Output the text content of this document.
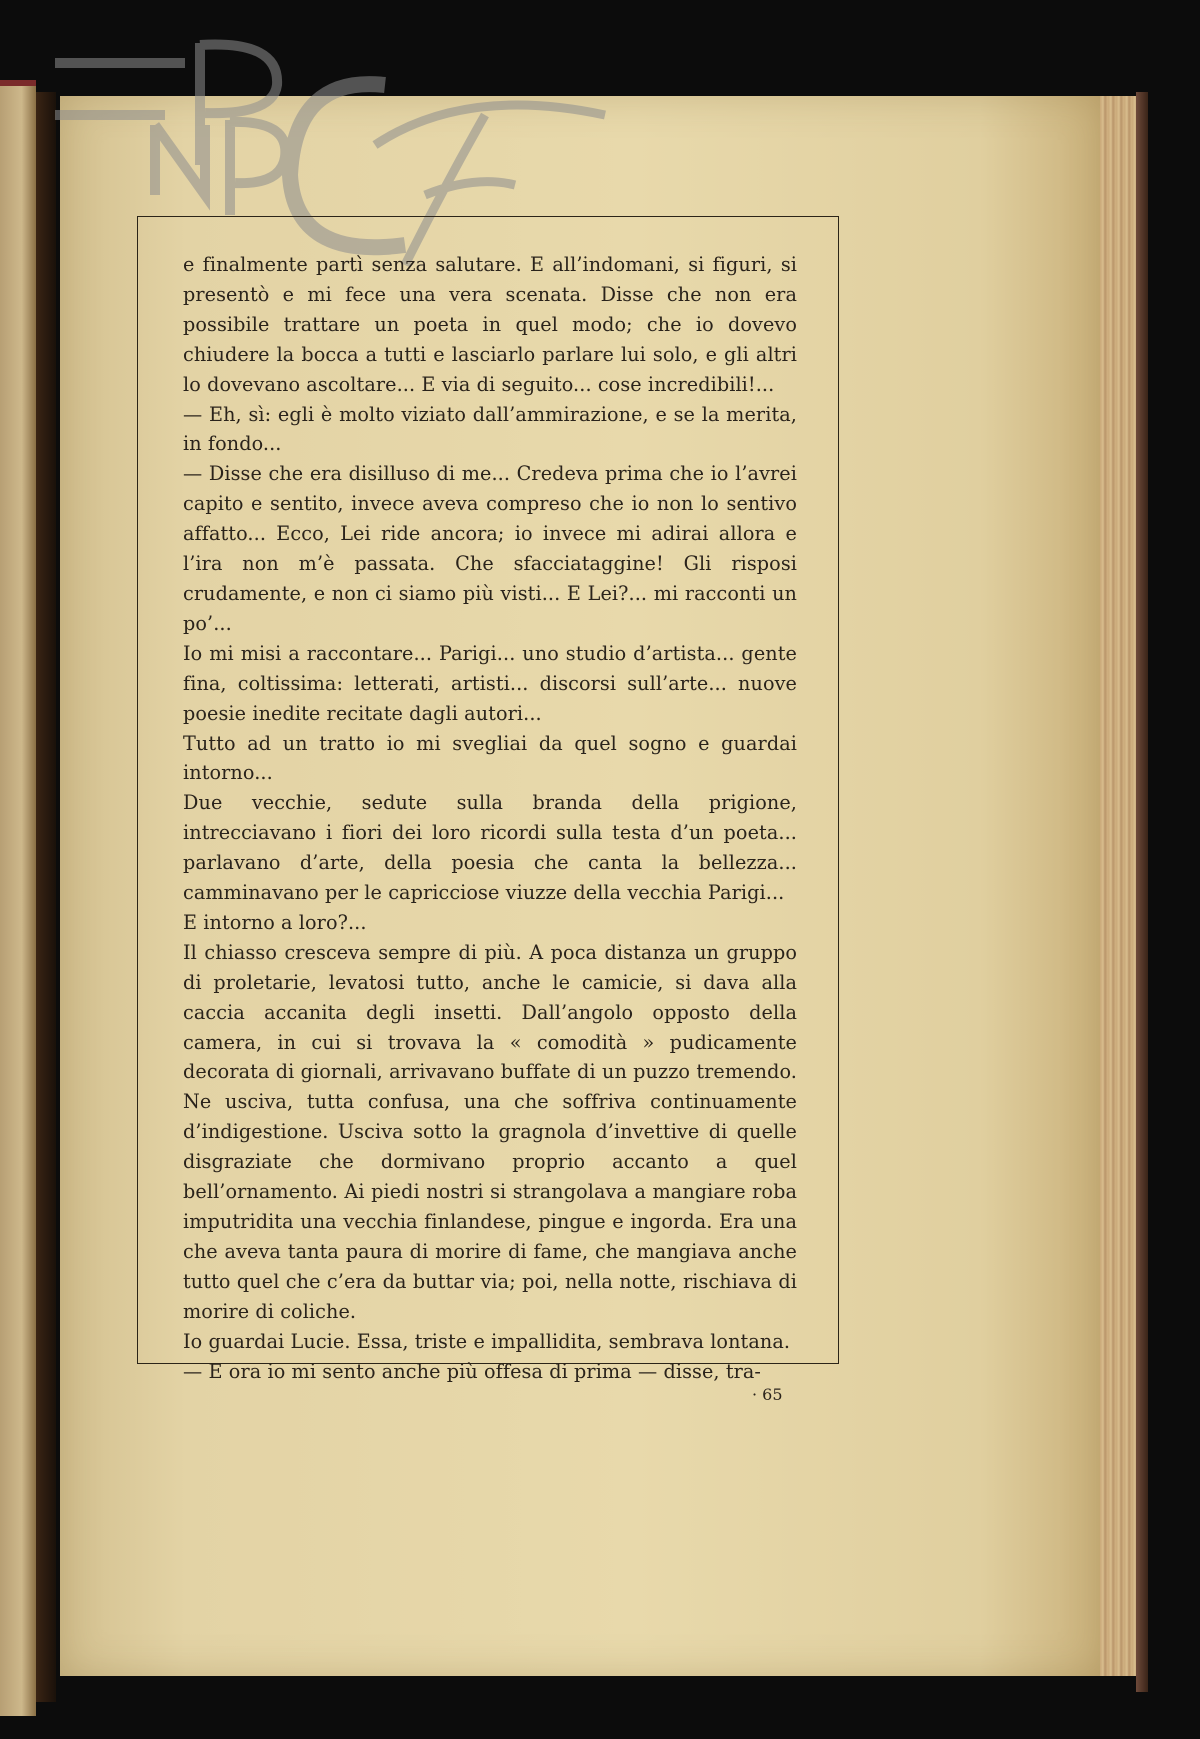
e finalmente partì senza salutare. E all’indomani, si figuri, si presentò e mi fece una vera scenata. Disse che non era possibile trattare un poeta in quel modo; che io dovevo chiudere la bocca a tutti e lasciarlo parlare lui solo, e gli altri lo dovevano ascoltare... E via di seguito... cose incredibili!...

— Eh, sì: egli è molto viziato dall’ammirazione, e se la merita, in fondo...

— Disse che era disilluso di me... Credeva prima che io l’avrei capito e sentito, invece aveva compreso che io non lo sentivo affatto... Ecco, Lei ride ancora; io invece mi adirai allora e l’ira non m’è passata. Che sfacciataggine! Gli risposi crudamente, e non ci siamo più visti... E Lei?... mi racconti un po’...

Io mi misi a raccontare... Parigi... uno studio d’artista... gente fina, coltissima: letterati, artisti... discorsi sull’arte... nuove poesie inedite recitate dagli autori...

Tutto ad un tratto io mi svegliai da quel sogno e guardai intorno...

Due vecchie, sedute sulla branda della prigione, intrecciavano i fiori dei loro ricordi sulla testa d’un poeta... parlavano d’arte, della poesia che canta la bellezza... camminavano per le capricciose viuzze della vecchia Parigi...

E intorno a loro?...

Il chiasso cresceva sempre di più. A poca distanza un gruppo di proletarie, levatosi tutto, anche le camicie, si dava alla caccia accanita degli insetti. Dall’angolo opposto della camera, in cui si trovava la « comodità » pudicamente decorata di giornali, arrivavano buffate di un puzzo tremendo. Ne usciva, tutta confusa, una che soffriva continuamente d’indigestione. Usciva sotto la gragnola d’invettive di quelle disgraziate che dormivano proprio accanto a quel bell’ornamento. Ai piedi nostri si strangolava a mangiare roba imputridita una vecchia finlandese, pingue e ingorda. Era una che aveva tanta paura di morire di fame, che mangiava anche tutto quel che c’era da buttar via; poi, nella notte, rischiava di morire di coliche.

Io guardai Lucie. Essa, triste e impallidita, sembrava lontana.

— E ora io mi sento anche più offesa di prima — disse, tra-

· 65
